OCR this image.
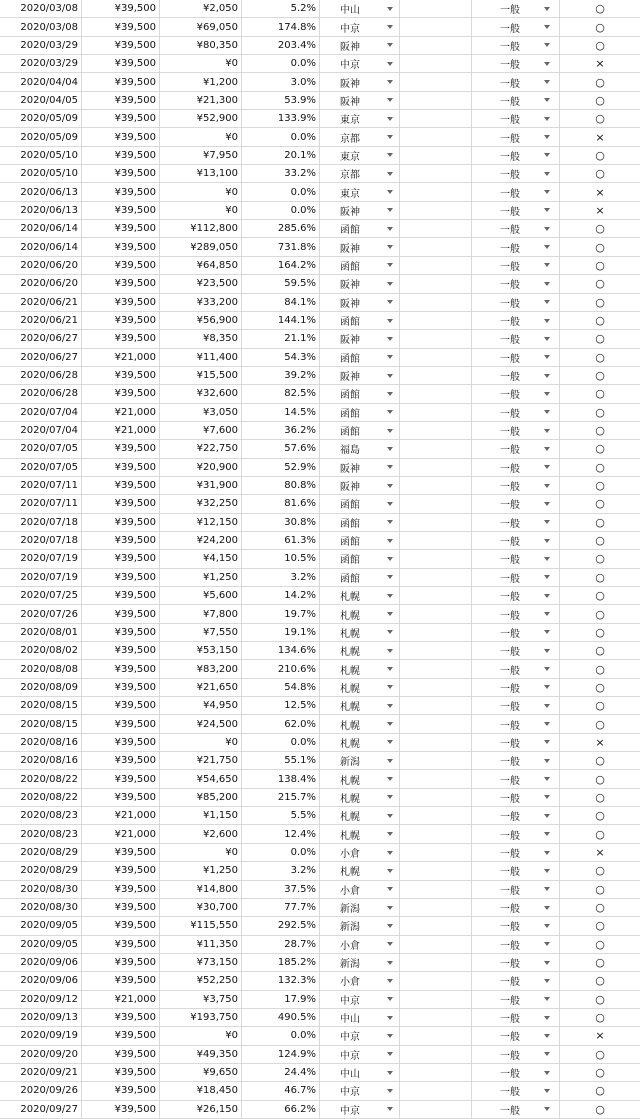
2020/03/08	¥39,500	¥2,050	5.2%	中山	一般	○
2020/03/08	¥39,500	¥69,050	174.8%	中京	一般	○
2020/03/29	¥39,500	¥80,350	203.4%	阪神	一般	○
2020/03/29	¥39,500	¥0	0.0%	中京	一般	×
2020/04/04	¥39,500	¥1,200	3.0%	阪神	一般	○
2020/04/05	¥39,500	¥21,300	53.9%	阪神	一般	○
2020/05/09	¥39,500	¥52,900	133.9%	東京	一般	○
2020/05/09	¥39,500	¥0	0.0%	京都	一般	×
2020/05/10	¥39,500	¥7,950	20.1%	東京	一般	○
2020/05/10	¥39,500	¥13,100	33.2%	京都	一般	○
2020/06/13	¥39,500	¥0	0.0%	東京	一般	×
2020/06/13	¥39,500	¥0	0.0%	阪神	一般	×
2020/06/14	¥39,500	¥112,800	285.6%	函館	一般	○
2020/06/14	¥39,500	¥289,050	731.8%	阪神	一般	○
2020/06/20	¥39,500	¥64,850	164.2%	函館	一般	○
2020/06/20	¥39,500	¥23,500	59.5%	阪神	一般	○
2020/06/21	¥39,500	¥33,200	84.1%	阪神	一般	○
2020/06/21	¥39,500	¥56,900	144.1%	函館	一般	○
2020/06/27	¥39,500	¥8,350	21.1%	阪神	一般	○
2020/06/27	¥21,000	¥11,400	54.3%	函館	一般	○
2020/06/28	¥39,500	¥15,500	39.2%	阪神	一般	○
2020/06/28	¥39,500	¥32,600	82.5%	函館	一般	○
2020/07/04	¥21,000	¥3,050	14.5%	函館	一般	○
2020/07/04	¥21,000	¥7,600	36.2%	函館	一般	○
2020/07/05	¥39,500	¥22,750	57.6%	福島	一般	○
2020/07/05	¥39,500	¥20,900	52.9%	阪神	一般	○
2020/07/11	¥39,500	¥31,900	80.8%	阪神	一般	○
2020/07/11	¥39,500	¥32,250	81.6%	函館	一般	○
2020/07/18	¥39,500	¥12,150	30.8%	函館	一般	○
2020/07/18	¥39,500	¥24,200	61.3%	函館	一般	○
2020/07/19	¥39,500	¥4,150	10.5%	函館	一般	○
2020/07/19	¥39,500	¥1,250	3.2%	函館	一般	○
2020/07/25	¥39,500	¥5,600	14.2%	札幌	一般	○
2020/07/26	¥39,500	¥7,800	19.7%	札幌	一般	○
2020/08/01	¥39,500	¥7,550	19.1%	札幌	一般	○
2020/08/02	¥39,500	¥53,150	134.6%	札幌	一般	○
2020/08/08	¥39,500	¥83,200	210.6%	札幌	一般	○
2020/08/09	¥39,500	¥21,650	54.8%	札幌	一般	○
2020/08/15	¥39,500	¥4,950	12.5%	札幌	一般	○
2020/08/15	¥39,500	¥24,500	62.0%	札幌	一般	○
2020/08/16	¥39,500	¥0	0.0%	札幌	一般	×
2020/08/16	¥39,500	¥21,750	55.1%	新潟	一般	○
2020/08/22	¥39,500	¥54,650	138.4%	札幌	一般	○
2020/08/22	¥39,500	¥85,200	215.7%	札幌	一般	○
2020/08/23	¥21,000	¥1,150	5.5%	札幌	一般	○
2020/08/23	¥21,000	¥2,600	12.4%	札幌	一般	○
2020/08/29	¥39,500	¥0	0.0%	小倉	一般	×
2020/08/29	¥39,500	¥1,250	3.2%	札幌	一般	○
2020/08/30	¥39,500	¥14,800	37.5%	小倉	一般	○
2020/08/30	¥39,500	¥30,700	77.7%	新潟	一般	○
2020/09/05	¥39,500	¥115,550	292.5%	新潟	一般	○
2020/09/05	¥39,500	¥11,350	28.7%	小倉	一般	○
2020/09/06	¥39,500	¥73,150	185.2%	新潟	一般	○
2020/09/06	¥39,500	¥52,250	132.3%	小倉	一般	○
2020/09/12	¥21,000	¥3,750	17.9%	中京	一般	○
2020/09/13	¥39,500	¥193,750	490.5%	中山	一般	○
2020/09/19	¥39,500	¥0	0.0%	中京	一般	×
2020/09/20	¥39,500	¥49,350	124.9%	中京	一般	○
2020/09/21	¥39,500	¥9,650	24.4%	中山	一般	○
2020/09/26	¥39,500	¥18,450	46.7%	中京	一般	○
2020/09/27	¥39,500	¥26,150	66.2%	中京	一般	○
